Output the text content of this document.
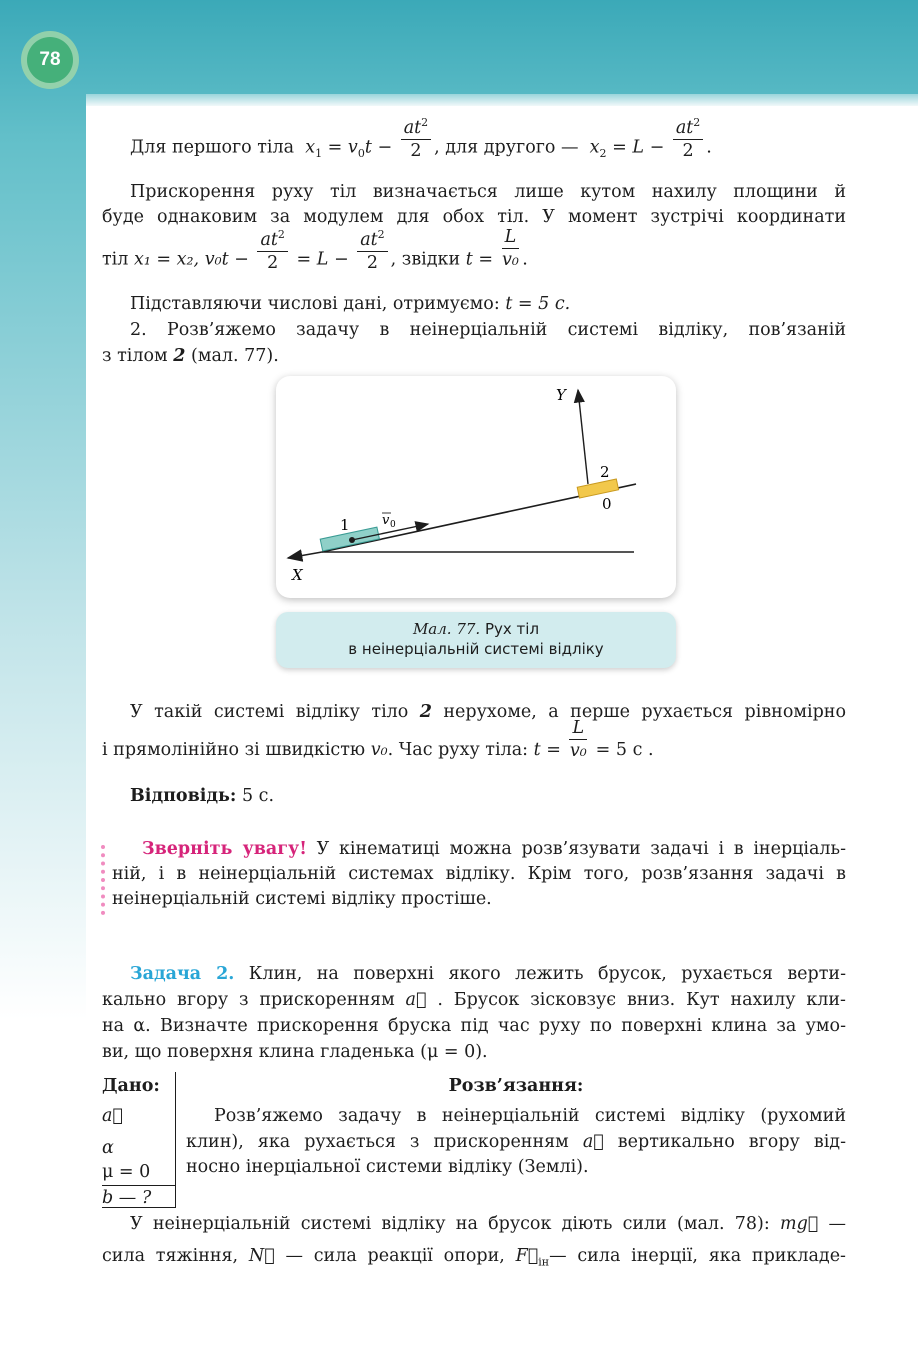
78
Для першого тіла $x_1 = v_0t - \frac{at^2}{2}$ , для другого — $x_2 = L - \frac{at^2}{2}$ .
Прискорення руху тіл визначається лише кутом нахилу площини й
буде однаковим за модулем для обох тіл. У момент зустрічі координати
тіл x₁ = x₂, $v_0t - \frac{at^2}{2} = L - \frac{at^2}{2}$ , звідки $t = \frac{L}{\text{v₀}}$ .
Підставляючи числові дані, отримуємо: t = 5 с.
2. Розв’яжемо задачу в неінерціальній системі відліку, пов’язаній
з тілом 2 (мал. 77).
Y
X
1
2
0
v 0
Мал. 77. Рух тіл
в неінерціальній системі відліку
У такій системі відліку тіло 2 нерухоме, а перше рухається рівномірно
і прямолінійно зі швидкістю v₀. Час руху тіла: $t = \frac{L}{\text{v₀}} = 5$ с .
Відповідь: 5 с.
Зверніть увагу! У кінематиці можна розв’язувати задачі і в інерціаль-
ній, і в неінерціальній системах відліку. Крім того, розв’язання задачі в
неінерціальній системі відліку простіше.
Задача 2. Клин, на поверхні якого лежить брусок, рухається верти-
кально вгору з прискоренням a⃗ . Брусок зісковзує вниз. Кут нахилу кли-
на α. Визначте прискорення бруска під час руху по поверхні клина за умо-
ви, що поверхня клина гладенька (μ = 0).
Дано:
a⃗
α
μ = 0
b — ?
Розв’язання:
Розв’яжемо задачу в неінерціальній системі відліку (рухомий
клин), яка рухається з прискоренням a⃗ вертикально вгору від-
носно інерціальної системи відліку (Землі).
У неінерціальній системі відліку на брусок діють сили (мал. 78): mg⃗ —
сила тяжіння, N⃗ — сила реакції опори, $F⃗_{ін}—$ сила інерції, яка прикладе-
